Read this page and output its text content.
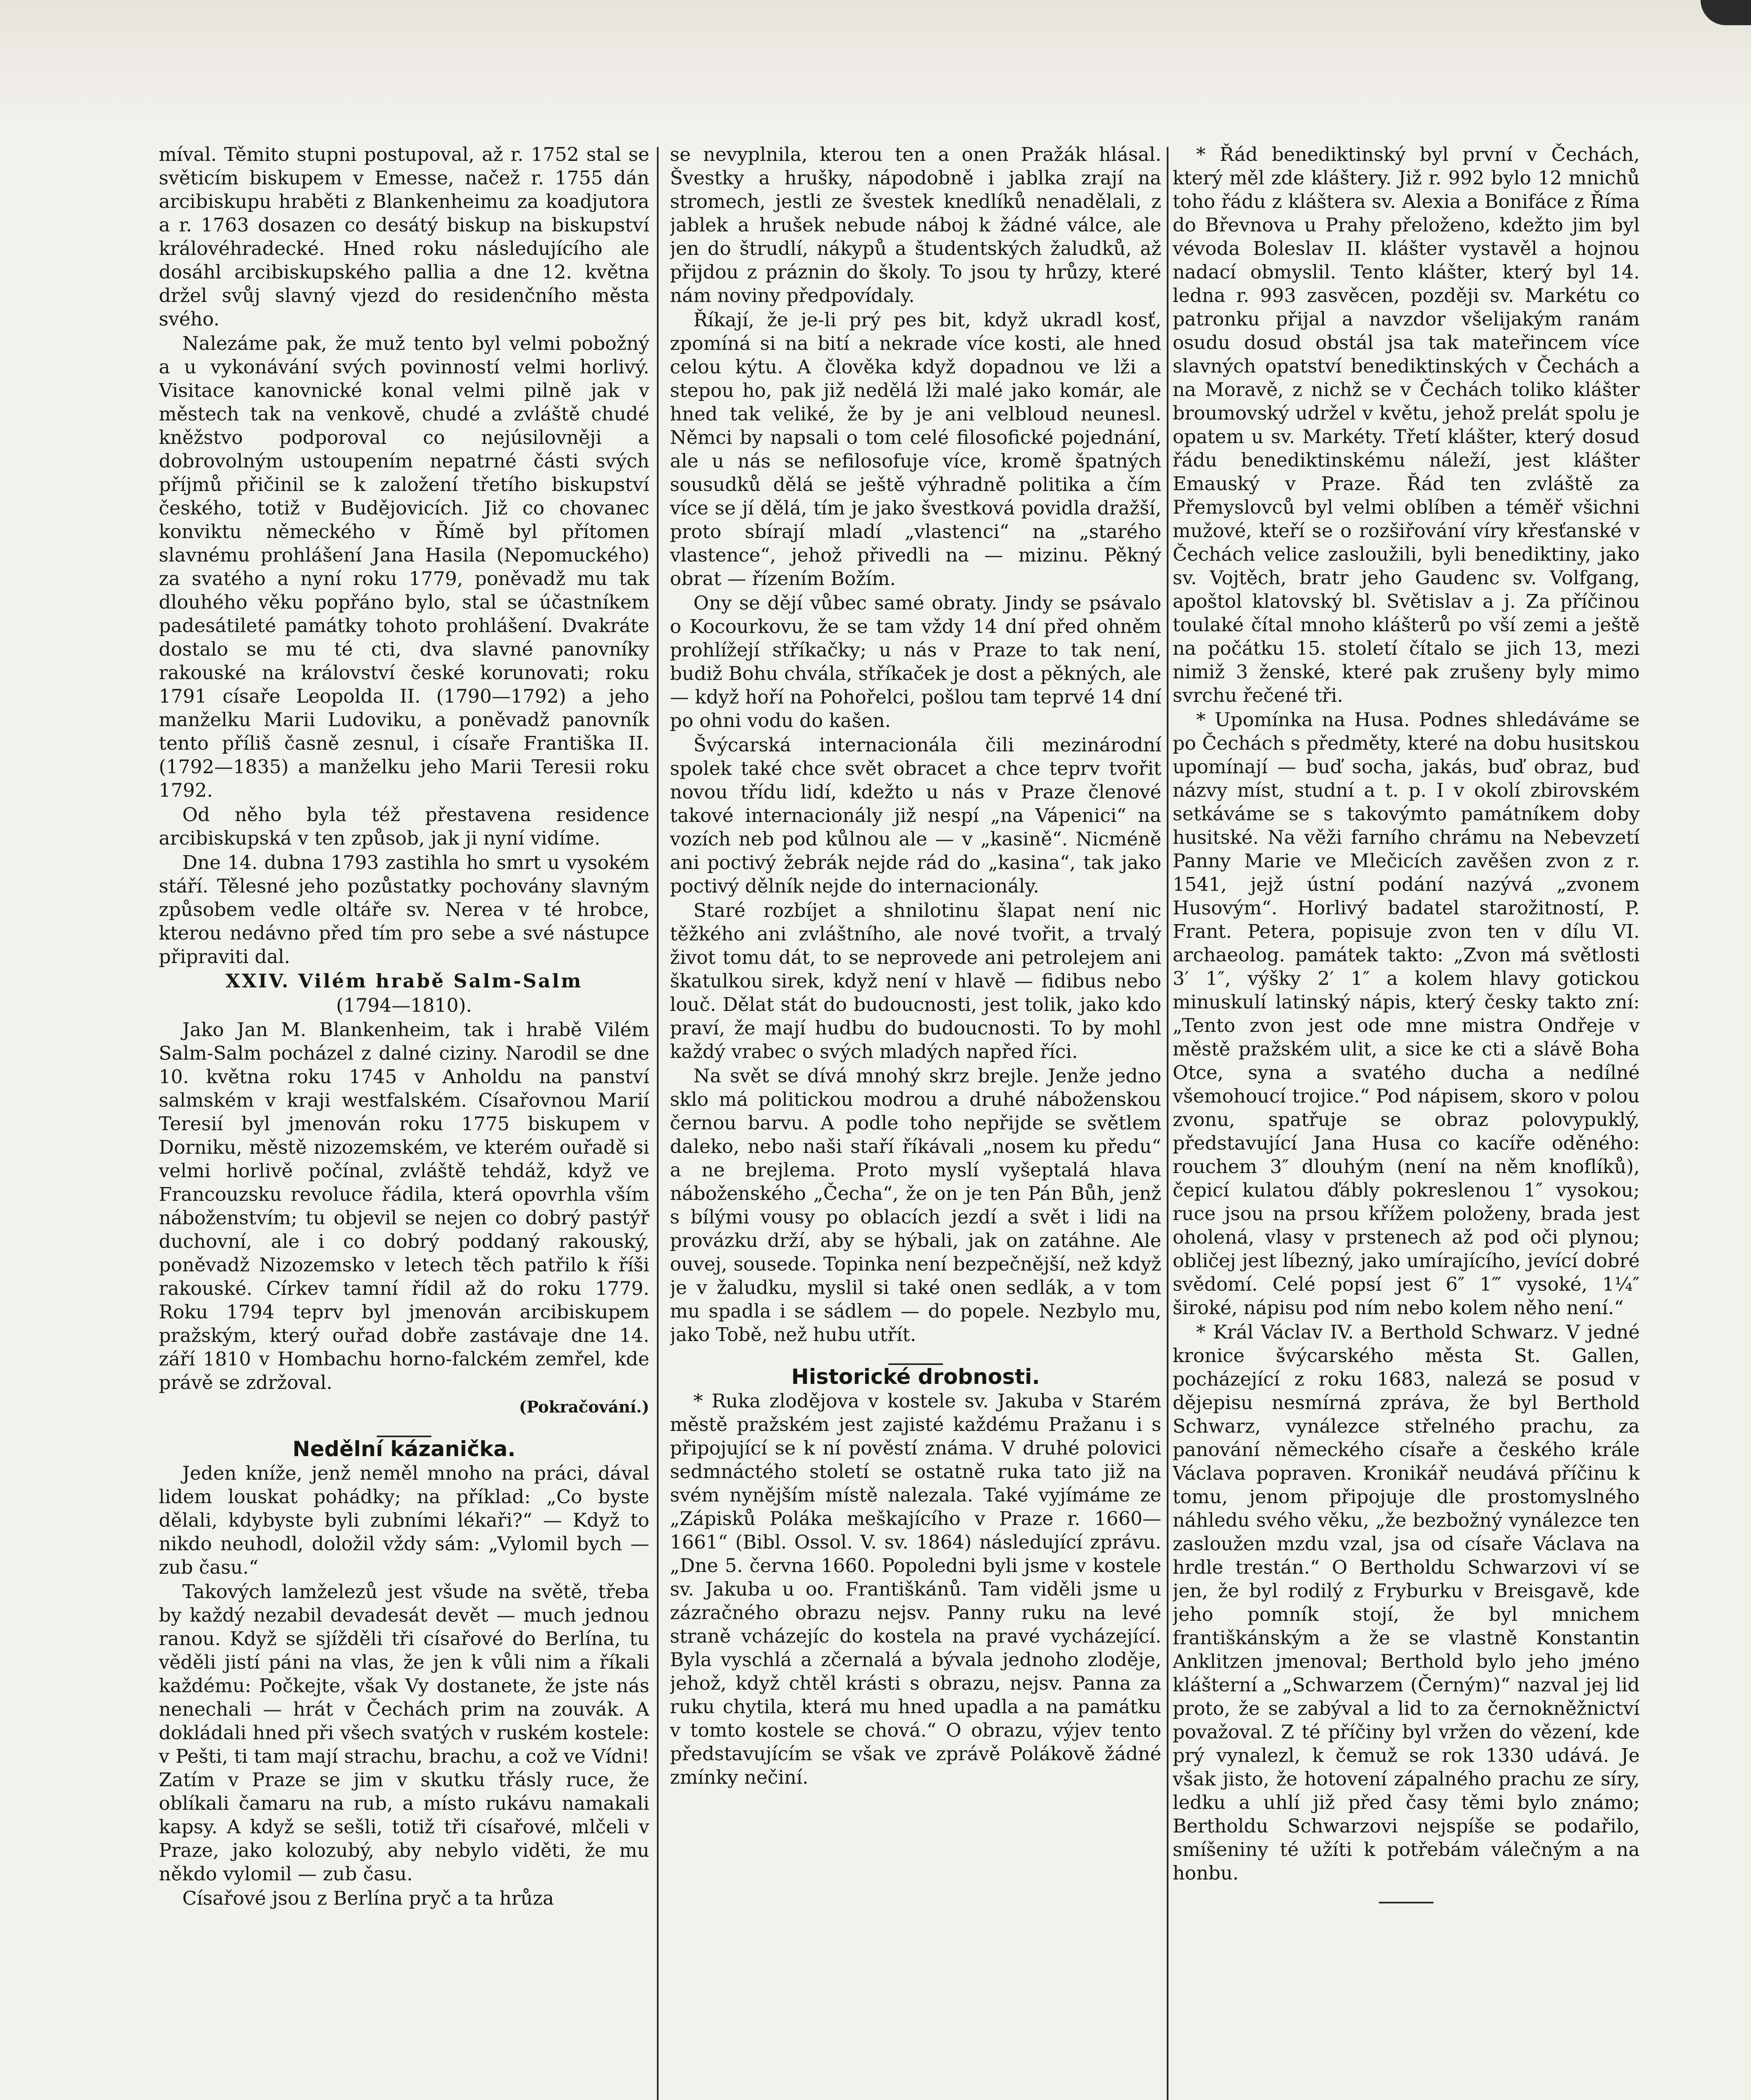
míval. Těmito stupni postupoval, až r. 1752 stal se světicím biskupem v Emesse, načež r. 1755 dán arcibiskupu hraběti z Blankenheimu za koadjutora a r. 1763 dosazen co desátý biskup na biskupství královéhradecké. Hned roku následujícího ale dosáhl arcibiskupského pallia a dne 12. května držel svůj slavný vjezd do residenčního města svého.

Nalezáme pak, že muž tento byl velmi pobožný a u vykonávání svých povinností velmi horlivý. Visitace kanovnické konal velmi pilně jak v městech tak na venkově, chudé a zvláště chudé kněžstvo podporoval co nejúsilovněji a dobrovolným ustoupením nepatrné části svých příjmů přičinil se k založení třetího biskupství českého, totiž v Budějovicích. Již co chovanec konviktu německého v Římě byl přítomen slavnému prohlášení Jana Hasila (Nepomuckého) za svatého a nyní roku 1779, poněvadž mu tak dlouhého věku popřáno bylo, stal se účastníkem padesátileté památky tohoto prohlášení. Dvakráte dostalo se mu té cti, dva slavné panovníky rakouské na království české korunovati; roku 1791 císaře Leopolda II. (1790—1792) a jeho manželku Marii Ludoviku, a poněvadž panovník tento příliš časně zesnul, i císaře Františka II. (1792—1835) a manželku jeho Marii Teresii roku 1792.

Od něho byla též přestavena residence arcibiskupská v ten způsob, jak ji nyní vidíme.

Dne 14. dubna 1793 zastihla ho smrt u vysokém stáří. Tělesné jeho pozůstatky pochovány slavným způsobem vedle oltáře sv. Nerea v té hrobce, kterou nedávno před tím pro sebe a své nástupce připraviti dal.

XXIV. Vilém hrabě Salm-Salm

(1794—1810).

Jako Jan M. Blankenheim, tak i hrabě Vilém Salm-Salm pocházel z dalné ciziny. Narodil se dne 10. května roku 1745 v Anholdu na panství salmském v kraji westfalském. Císařovnou Marií Teresií byl jmenován roku 1775 biskupem v Dorniku, městě nizozemském, ve kterém ouřadě si velmi horlivě počínal, zvláště tehdáž, když ve Francouzsku revoluce řádila, která opovrhla vším náboženstvím; tu objevil se nejen co dobrý pastýř duchovní, ale i co dobrý poddaný rakouský, poněvadž Nizozemsko v letech těch patřilo k říši rakouské. Církev tamní řídil až do roku 1779. Roku 1794 teprv byl jmenován arcibiskupem pražským, který ouřad dobře zastávaje dne 14. září 1810 v Hombachu horno-falckém zemřel, kde právě se zdržoval.

(Pokračování.)

Nedělní kázanička.

Jeden kníže, jenž neměl mnoho na práci, dával lidem louskat pohádky; na příklad: „Co byste dělali, kdybyste byli zubními lékaři?“ — Když to nikdo neuhodl, doložil vždy sám: „Vylomil bych — zub času.“

Takových lamželezů jest všude na světě, třeba by každý nezabil devadesát devět — much jednou ranou. Když se sjížděli tři císařové do Berlína, tu věděli jistí páni na vlas, že jen k vůli nim a říkali každému: Počkejte, však Vy dostanete, že jste nás nenechali — hrát v Čechách prim na zouvák. A dokládali hned při všech svatých v ruském kostele: v Pešti, ti tam mají strachu, brachu, a což ve Vídni! Zatím v Praze se jim v skutku třásly ruce, že oblíkali čamaru na rub, a místo rukávu namakali kapsy. A když se sešli, totiž tři císařové, mlčeli v Praze, jako kolozubý, aby nebylo viděti, že mu někdo vylomil — zub času.

Císařové jsou z Berlína pryč a ta hrůza

se nevyplnila, kterou ten a onen Pražák hlásal. Švestky a hrušky, nápodobně i jablka zrají na stromech, jestli ze švestek knedlíků nenadělali, z jablek a hrušek nebude náboj k žádné válce, ale jen do štrudlí, nákypů a študentských žaludků, až přijdou z práznin do školy. To jsou ty hrůzy, které nám noviny předpovídaly.

Říkají, že je-li prý pes bit, když ukradl kosť, zpomíná si na bití a nekrade více kosti, ale hned celou kýtu. A člověka když dopadnou ve lži a stepou ho, pak již nedělá lži malé jako komár, ale hned tak veliké, že by je ani velbloud neunesl. Němci by napsali o tom celé filosofické pojednání, ale u nás se nefilosofuje více, kromě špatných sousudků dělá se ještě výhradně politika a čím více se jí dělá, tím je jako švestková povidla dražší, proto sbírají mladí „vlastenci“ na „starého vlastence“, jehož přivedli na — mizinu. Pěkný obrat — řízením Božím.

Ony se dějí vůbec samé obraty. Jindy se psávalo o Kocourkovu, že se tam vždy 14 dní před ohněm prohlížejí stříkačky; u nás v Praze to tak není, budiž Bohu chvála, stříkaček je dost a pěkných, ale — když hoří na Pohořelci, pošlou tam teprvé 14 dní po ohni vodu do kašen.

Švýcarská internacionála čili mezinárodní spolek také chce svět obracet a chce teprv tvořit novou třídu lidí, kdežto u nás v Praze členové takové internacionály již nespí „na Vápenici“ na vozích neb pod kůlnou ale — v „kasině“. Nicméně ani poctivý žebrák nejde rád do „kasina“, tak jako poctivý dělník nejde do internacionály.

Staré rozbíjet a shnilotinu šlapat není nic těžkého ani zvláštního, ale nové tvořit, a trvalý život tomu dát, to se neprovede ani petrolejem ani škatulkou sirek, když není v hlavě — fidibus nebo louč. Dělat stát do budoucnosti, jest tolik, jako kdo praví, že mají hudbu do budoucnosti. To by mohl každý vrabec o svých mladých napřed říci.

Na svět se dívá mnohý skrz brejle. Jenže jedno sklo má politickou modrou a druhé náboženskou černou barvu. A podle toho nepřijde se světlem daleko, nebo naši staří říkávali „nosem ku předu“ a ne brejlema. Proto myslí vyšeptalá hlava náboženského „Čecha“, že on je ten Pán Bůh, jenž s bílými vousy po oblacích jezdí a svět i lidi na provázku drží, aby se hýbali, jak on zatáhne. Ale ouvej, sousede. Topinka není bezpečnější, než když je v žaludku, myslil si také onen sedlák, a v tom mu spadla i se sádlem — do popele. Nezbylo mu, jako Tobě, než hubu utřít.

Historické drobnosti.

* Ruka zlodějova v kostele sv. Jakuba v Starém městě pražském jest zajisté každému Pražanu i s připojující se k ní pověstí známa. V druhé polovici sedmnáctého století se ostatně ruka tato již na svém nynějším místě nalezala. Také vyjímáme ze „Zápisků Poláka meškajícího v Praze r. 1660—1661“ (Bibl. Ossol. V. sv. 1864) následující zprávu. „Dne 5. června 1660. Popoledni byli jsme v kostele sv. Jakuba u oo. Františkánů. Tam viděli jsme u zázračného obrazu nejsv. Panny ruku na levé straně vcházejíc do kostela na pravé vycházející. Byla vyschlá a zčernalá a bývala jednoho zloděje, jehož, když chtěl krásti s obrazu, nejsv. Panna za ruku chytila, která mu hned upadla a na památku v tomto kostele se chová.“ O obrazu, výjev tento představujícím se však ve zprávě Polákově žádné zmínky nečiní.

* Řád benediktinský byl první v Čechách, který měl zde kláštery. Již r. 992 bylo 12 mnichů toho řádu z kláštera sv. Alexia a Bonifáce z Říma do Břevnova u Prahy přeloženo, kdežto jim byl vévoda Boleslav II. klášter vystavěl a hojnou nadací obmyslil. Tento klášter, který byl 14. ledna r. 993 zasvěcen, později sv. Markétu co patronku přijal a navzdor všelijakým ranám osudu dosud obstál jsa tak mateřincem více slavných opatství benediktinských v Čechách a na Moravě, z nichž se v Čechách toliko klášter broumovský udržel v květu, jehož prelát spolu je opatem u sv. Markéty. Třetí klášter, který dosud řádu benediktinskému náleží, jest klášter Emauský v Praze. Řád ten zvláště za Přemyslovců byl velmi oblíben a téměř všichni mužové, kteří se o rozšiřování víry křesťanské v Čechách velice zasloužili, byli benediktiny, jako sv. Vojtěch, bratr jeho Gaudenc sv. Volfgang, apoštol klatovský bl. Světislav a j. Za příčinou toulaké čítal mnoho klášterů po vší zemi a ještě na počátku 15. století čítalo se jich 13, mezi nimiž 3 ženské, které pak zrušeny byly mimo svrchu řečené tři.

* Upomínka na Husa. Podnes shledáváme se po Čechách s předměty, které na dobu husitskou upomínají — buď socha, jakás, buď obraz, buď názvy míst, studní a t. p. I v okolí zbirovském setkáváme se s takovýmto památníkem doby husitské. Na věži farního chrámu na Nebevzetí Panny Marie ve Mlečicích zavěšen zvon z r. 1541, jejž ústní podání nazývá „zvonem Husovým“. Horlivý badatel starožitností, P. Frant. Petera, popisuje zvon ten v dílu VI. archaeolog. památek takto: „Zvon má světlosti 3′ 1″, výšky 2′ 1″ a kolem hlavy gotickou minuskulí latinský nápis, který česky takto zní: „Tento zvon jest ode mne mistra Ondřeje v městě pražském ulit, a sice ke cti a slávě Boha Otce, syna a svatého ducha a nedílné všemohoucí trojice.“ Pod nápisem, skoro v polou zvonu, spatřuje se obraz polovypuklý, představující Jana Husa co kacíře oděného: rouchem 3″ dlouhým (není na něm knoflíků), čepicí kulatou ďábly pokreslenou 1″ vysokou; ruce jsou na prsou křížem položeny, brada jest oholená, vlasy v prstenech až pod oči plynou; obličej jest líbezný, jako umírajícího, jevící dobré svědomí. Celé popsí jest 6″ 1‴ vysoké, 1¼″ široké, nápisu pod ním nebo kolem něho není.“

* Král Václav IV. a Berthold Schwarz. V jedné kronice švýcarského města St. Gallen, pocházející z roku 1683, nalezá se posud v dějepisu nesmírná zpráva, že byl Berthold Schwarz, vynálezce střelného prachu, za panování německého císaře a českého krále Václava popraven. Kronikář neudává příčinu k tomu, jenom připojuje dle prostomyslného náhledu svého věku, „že bezbožný vynálezce ten zasloužen mzdu vzal, jsa od císaře Václava na hrdle trestán.“ O Bertholdu Schwarzovi ví se jen, že byl rodilý z Fryburku v Breisgavě, kde jeho pomník stojí, že byl mnichem františkánským a že se vlastně Konstantin Anklitzen jmenoval; Berthold bylo jeho jméno klášterní a „Schwarzem (Černým)“ nazval jej lid proto, že se zabýval a lid to za černokněžnictví považoval. Z té příčiny byl vržen do vězení, kde prý vynalezl, k čemuž se rok 1330 udává. Je však jisto, že hotovení zápalného prachu ze síry, ledku a uhlí již před časy těmi bylo známo; Bertholdu Schwarzovi nejspíše se podařilo, smíšeniny té užíti k potřebám válečným a na honbu.
